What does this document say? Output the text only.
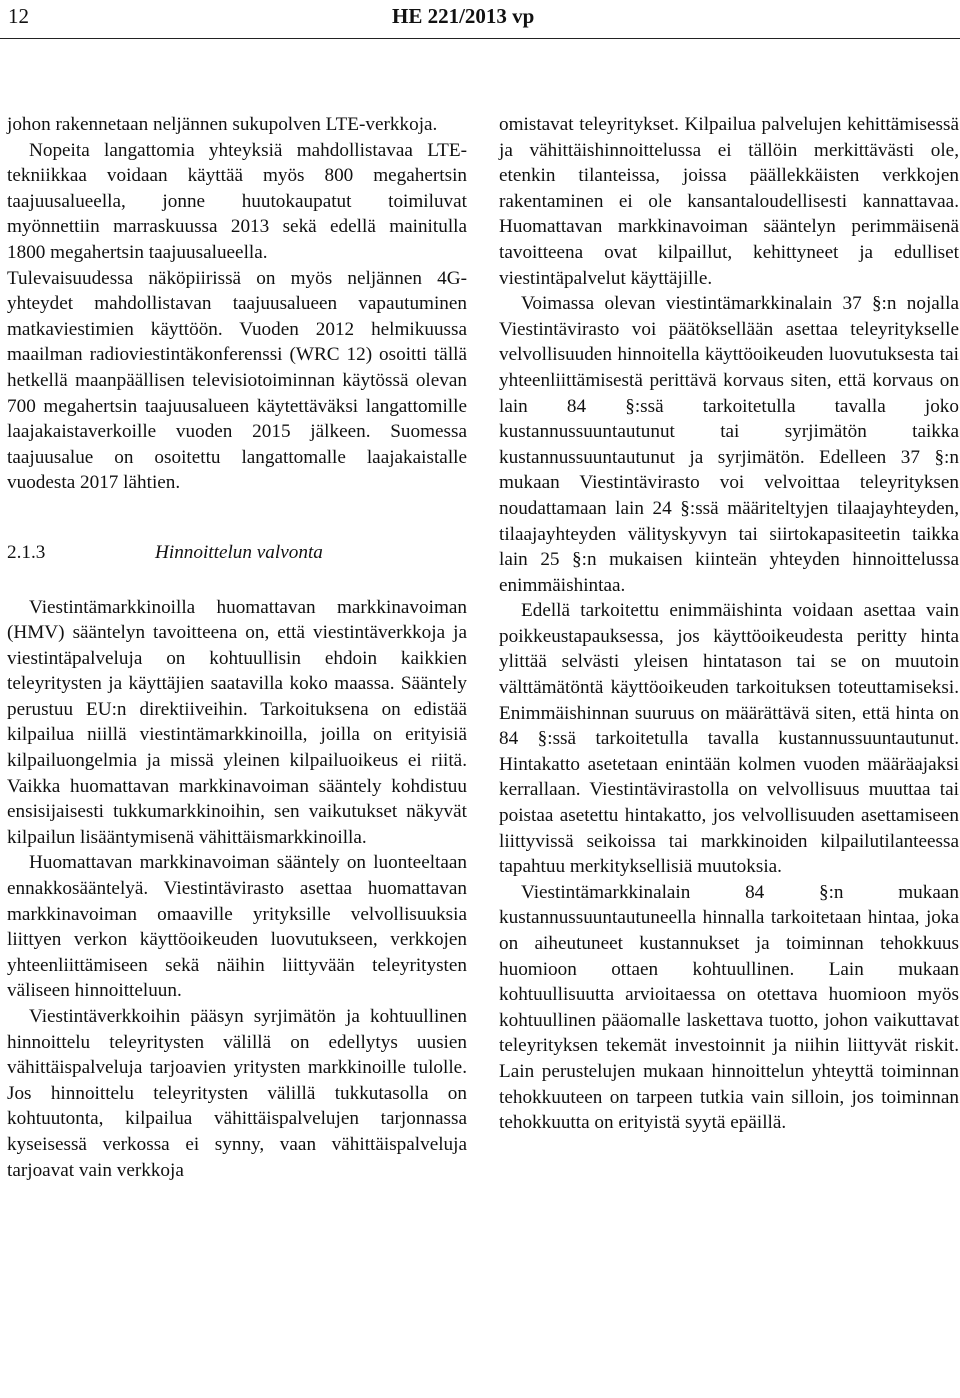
12	HE 221/2013 vp

johon rakennetaan neljännen sukupolven LTE-verkkoja.

Nopeita langattomia yhteyksiä mahdollistavaa LTE-tekniikkaa voidaan käyttää myös 800 megahertsin taajuusalueella, jonne huutokaupatut toimiluvat myönnettiin marraskuussa 2013 sekä edellä mainitulla 1800 megahertsin taajuusalueella.

Tulevaisuudessa näköpiirissä on myös neljännen 4G-yhteydet mahdollistavan taajuusalueen vapautuminen matkaviestimien käyttöön. Vuoden 2012 helmikuussa maailman radioviestintäkonferenssi (WRC 12) osoitti tällä hetkellä maanpäällisen televisiotoiminnan käytössä olevan 700 megahertsin taajuusalueen käytettäväksi langattomille laajakaistaverkoille vuoden 2015 jälkeen. Suomessa taajuusalue on osoitettu langattomalle laajakaistalle vuodesta 2017 lähtien.

2.1.3	Hinnoittelun valvonta

Viestintämarkkinoilla huomattavan markkinavoiman (HMV) sääntelyn tavoitteena on, että viestintäverkkoja ja viestintäpalveluja on kohtuullisin ehdoin kaikkien teleyritysten ja käyttäjien saatavilla koko maassa. Sääntely perustuu EU:n direktiiveihin. Tarkoituksena on edistää kilpailua niillä viestintämarkkinoilla, joilla on erityisiä kilpailuongelmia ja missä yleinen kilpailuoikeus ei riitä. Vaikka huomattavan markkinavoiman sääntely kohdistuu ensisijaisesti tukkumarkkinoihin, sen vaikutukset näkyvät kilpailun lisääntymisenä vähittäismarkkinoilla.

Huomattavan markkinavoiman sääntely on luonteeltaan ennakkosääntelyä. Viestintävirasto asettaa huomattavan markkinavoiman omaaville yrityksille velvollisuuksia liittyen verkon käyttöoikeuden luovutukseen, verkkojen yhteenliittämiseen sekä näihin liittyvään teleyritysten väliseen hinnoitteluun.

Viestintäverkkoihin pääsyn syrjimätön ja kohtuullinen hinnoittelu teleyritysten välillä on edellytys uusien vähittäispalveluja tarjoavien yritysten markkinoille tulolle. Jos hinnoittelu teleyritysten välillä tukkutasolla on kohtuutonta, kilpailua vähittäispalvelujen tarjonnassa kyseisessä verkossa ei synny, vaan vähittäispalveluja tarjoavat vain verkkoja

omistavat teleyritykset. Kilpailua palvelujen kehittämisessä ja vähittäishinnoittelussa ei tällöin merkittävästi ole, etenkin tilanteissa, joissa päällekkäisten verkkojen rakentaminen ei ole kansantaloudellisesti kannattavaa. Huomattavan markkinavoiman sääntelyn perimmäisenä tavoitteena ovat kilpaillut, kehittyneet ja edulliset viestintäpalvelut käyttäjille.

Voimassa olevan viestintämarkkinalain 37 §:n nojalla Viestintävirasto voi päätöksellään asettaa teleyritykselle velvollisuuden hinnoitella käyttöoikeuden luovutuksesta tai yhteenliittämisestä perittävä korvaus siten, että korvaus on lain 84 §:ssä tarkoitetulla tavalla joko kustannussuuntautunut tai syrjimätön taikka kustannussuuntautunut ja syrjimätön. Edelleen 37 §:n mukaan Viestintävirasto voi velvoittaa teleyrityksen noudattamaan lain 24 §:ssä määriteltyjen tilaajayhteyden, tilaajayhteyden välityskyvyn tai siirtokapasiteetin taikka lain 25 §:n mukaisen kiinteän yhteyden hinnoittelussa enimmäishintaa.

Edellä tarkoitettu enimmäishinta voidaan asettaa vain poikkeustapauksessa, jos käyttöoikeudesta peritty hinta ylittää selvästi yleisen hintatason tai se on muutoin välttämätöntä käyttöoikeuden tarkoituksen toteuttamiseksi. Enimmäishinnan suuruus on määrättävä siten, että hinta on 84 §:ssä tarkoitetulla tavalla kustannussuuntautunut. Hintakatto asetetaan enintään kolmen vuoden määräajaksi kerrallaan. Viestintävirastolla on velvollisuus muuttaa tai poistaa asetettu hintakatto, jos velvollisuuden asettamiseen liittyvissä seikoissa tai markkinoiden kilpailutilanteessa tapahtuu merkityksellisiä muutoksia.

Viestintämarkkinalain 84 §:n mukaan kustannussuuntautuneella hinnalla tarkoitetaan hintaa, joka on aiheutuneet kustannukset ja toiminnan tehokkuus huomioon ottaen kohtuullinen. Lain mukaan kohtuullisuutta arvioitaessa on otettava huomioon myös kohtuullinen pääomalle laskettava tuotto, johon vaikuttavat teleyrityksen tekemät investoinnit ja niihin liittyvät riskit. Lain perustelujen mukaan hinnoittelun yhteyttä toiminnan tehokkuuteen on tarpeen tutkia vain silloin, jos toiminnan tehokkuutta on erityistä syytä epäillä.
